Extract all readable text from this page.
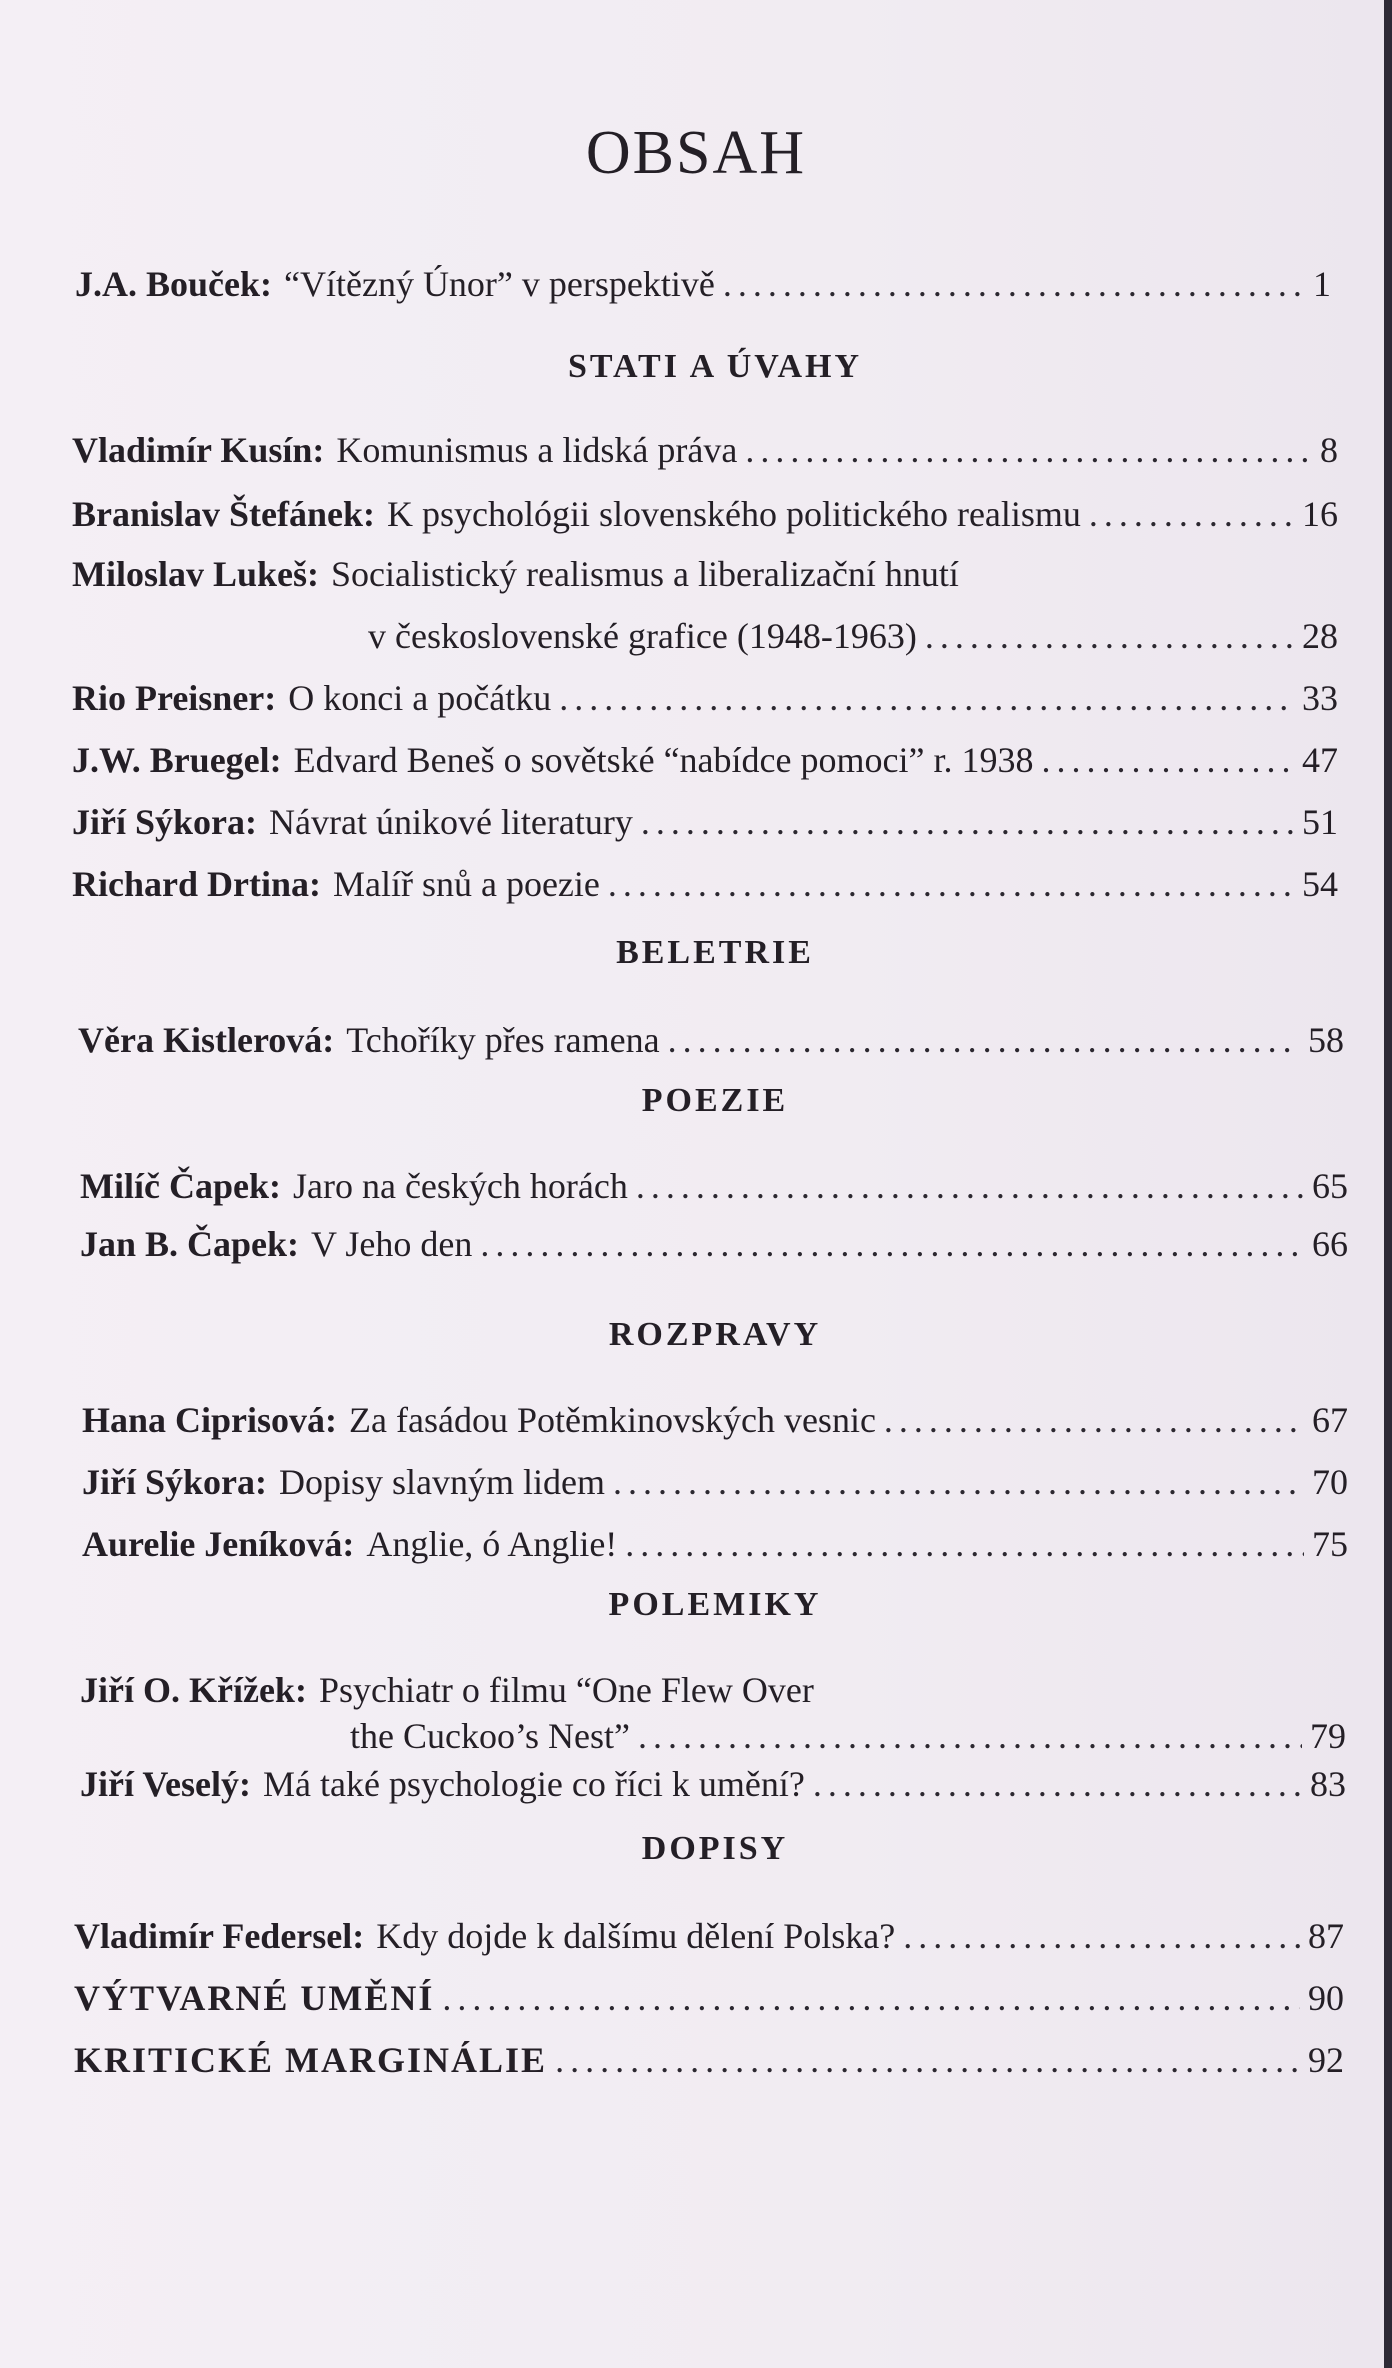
OBSAH
J.A. Bouček: “Vítězný Únor” v perspektivě .....	1
STATI A ÚVAHY
Vladimír Kusín: Komunismus a lidská práva .....	8
Branislav Štefánek: K psychológii slovenského politického realismu .....	16
Miloslav Lukeš: Socialistický realismus a liberalizační hnutí
v československé grafice (1948-1963) .....	28
Rio Preisner: O konci a počátku .....	33
J.W. Bruegel: Edvard Beneš o sovětské “nabídce pomoci” r. 1938 .....	47
Jiří Sýkora: Návrat únikové literatury .....	51
Richard Drtina: Malíř snů a poezie .....	54
BELETRIE
Věra Kistlerová: Tchoříky přes ramena .....	58
POEZIE
Milíč Čapek: Jaro na českých horách .....	65
Jan B. Čapek: V Jeho den .....	66
ROZPRAVY
Hana Ciprisová: Za fasádou Potěmkinovských vesnic .....	67
Jiří Sýkora: Dopisy slavným lidem .....	70
Aurelie Jeníková: Anglie, ó Anglie! .....	75
POLEMIKY
Jiří O. Křížek: Psychiatr o filmu “One Flew Over
the Cuckoo’s Nest” .....	79
Jiří Veselý: Má také psychologie co říci k umění? .....	83
DOPISY
Vladimír Federsel: Kdy dojde k dalšímu dělení Polska? .....	87
VÝTVARNÉ UMĚNÍ .....	90
KRITICKÉ MARGINÁLIE .....	92
